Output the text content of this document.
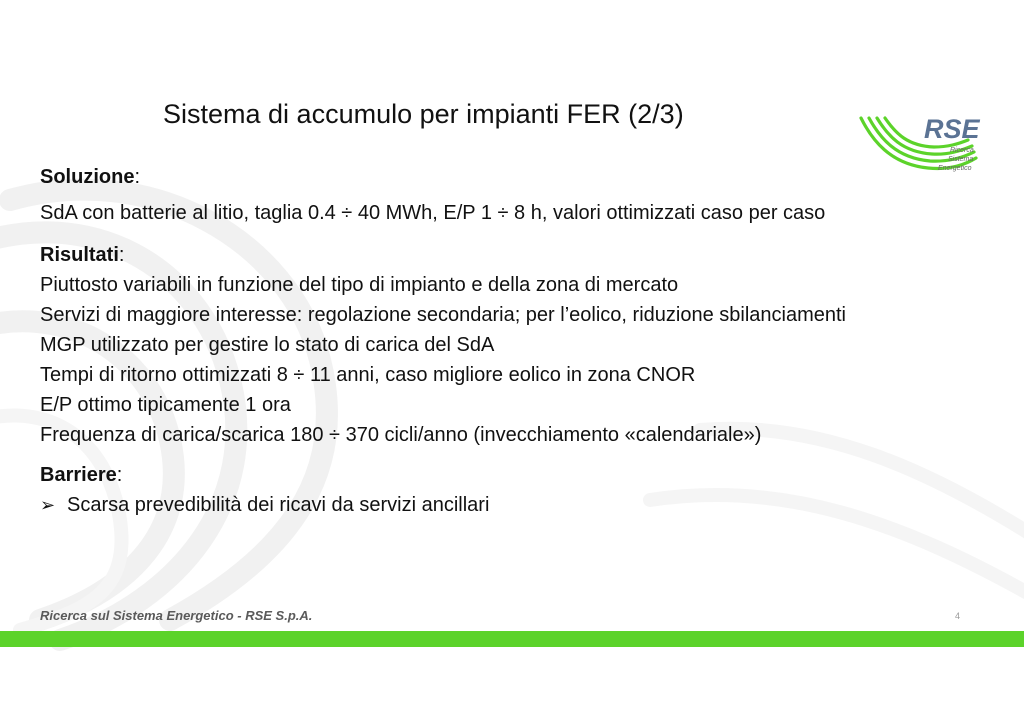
Sistema di accumulo per impianti FER (2/3)	RSE
Ricerca
Sistema
Energetico

Soluzione:

SdA con batterie al litio, taglia 0.4 ÷ 40 MWh, E/P 1 ÷ 8 h, valori ottimizzati caso per caso

Risultati:

Piuttosto variabili in funzione del tipo di impianto e della zona di mercato

Servizi di maggiore interesse: regolazione secondaria; per l’eolico, riduzione sbilanciamenti

MGP utilizzato per gestire lo stato di carica del SdA

Tempi di ritorno ottimizzati 8 ÷ 11 anni, caso migliore eolico in zona CNOR

E/P ottimo tipicamente 1 ora

Frequenza di carica/scarica 180 ÷ 370 cicli/anno (invecchiamento «calendariale»)

Barriere:

➢ Scarsa prevedibilità dei ricavi da servizi ancillari

Ricerca sul Sistema Energetico - RSE S.p.A.	4
